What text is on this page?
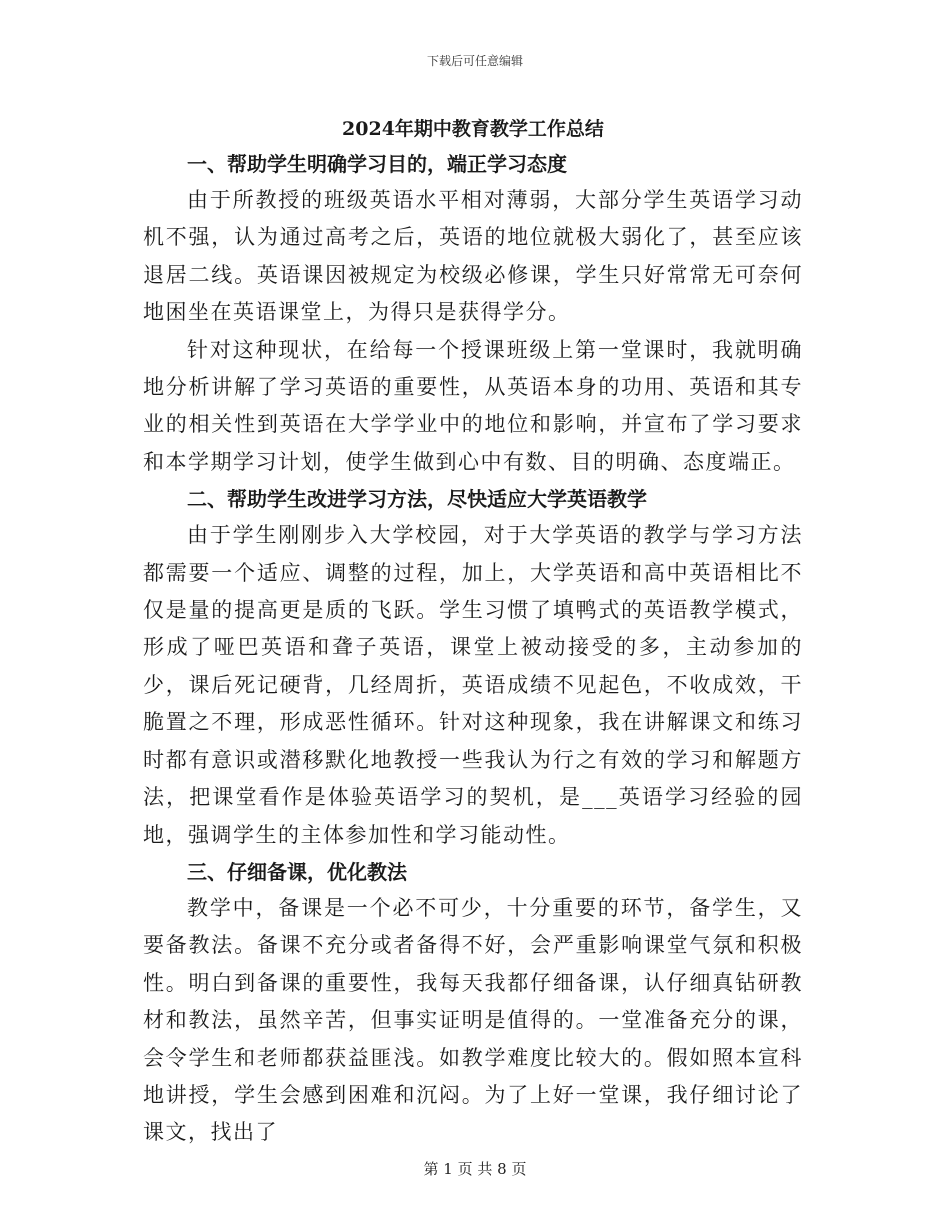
下载后可任意编辑
2024年期中教育教学工作总结
一、帮助学生明确学习目的，端正学习态度

由于所教授的班级英语水平相对薄弱，大部分学生英语学习动机不强，认为通过高考之后，英语的地位就极大弱化了，甚至应该退居二线。英语课因被规定为校级必修课，学生只好常常无可奈何地困坐在英语课堂上，为得只是获得学分。

针对这种现状，在给每一个授课班级上第一堂课时，我就明确地分析讲解了学习英语的重要性，从英语本身的功用、英语和其专业的相关性到英语在大学学业中的地位和影响，并宣布了学习要求和本学期学习计划，使学生做到心中有数、目的明确、态度端正。

二、帮助学生改进学习方法，尽快适应大学英语教学

由于学生刚刚步入大学校园，对于大学英语的教学与学习方法都需要一个适应、调整的过程，加上，大学英语和高中英语相比不仅是量的提高更是质的飞跃。学生习惯了填鸭式的英语教学模式，形成了哑巴英语和聋子英语，课堂上被动接受的多，主动参加的少，课后死记硬背，几经周折，英语成绩不见起色，不收成效，干脆置之不理，形成恶性循环。针对这种现象，我在讲解课文和练习时都有意识或潜移默化地教授一些我认为行之有效的学习和解题方法，把课堂看作是体验英语学习的契机，是___英语学习经验的园地，强调学生的主体参加性和学习能动性。

三、仔细备课，优化教法

教学中，备课是一个必不可少，十分重要的环节，备学生，又要备教法。备课不充分或者备得不好，会严重影响课堂气氛和积极性。明白到备课的重要性，我每天我都仔细备课，认仔细真钻研教材和教法，虽然辛苦，但事实证明是值得的。一堂准备充分的课，会令学生和老师都获益匪浅。如教学难度比较大的。假如照本宣科地讲授，学生会感到困难和沉闷。为了上好一堂课，我仔细讨论了课文，找出了

第 1 页 共 8 页
